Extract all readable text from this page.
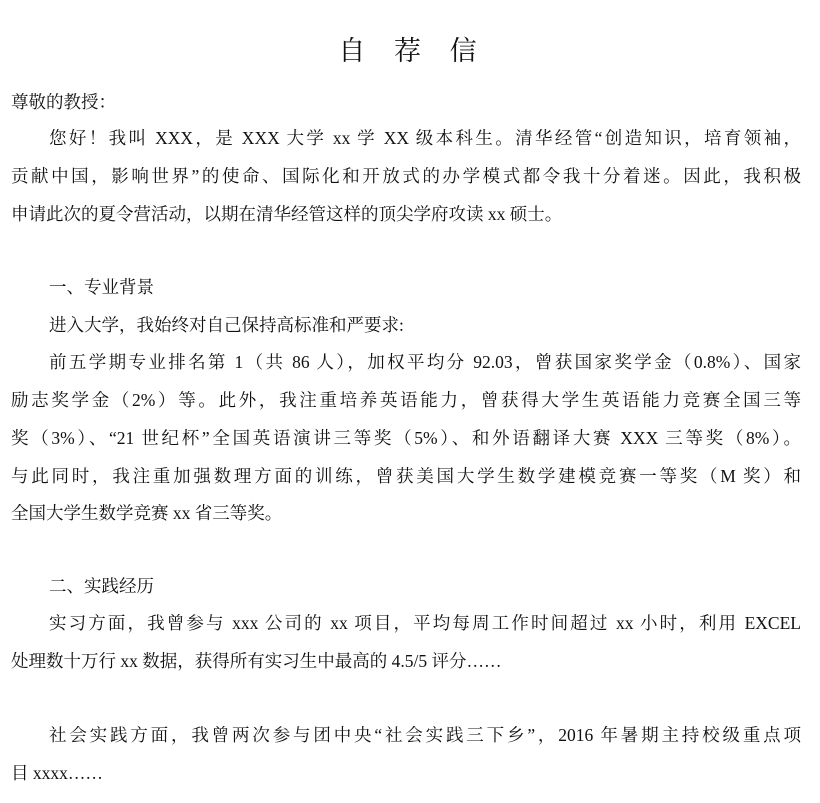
自 荐 信
尊敬的教授：
您好！我叫 XXX，是 XXX 大学 xx 学 XX 级本科生。清华经管“创造知识，培育领袖，
贡献中国，影响世界”的使命、国际化和开放式的办学模式都令我十分着迷。因此，我积极
申请此次的夏令营活动，以期在清华经管这样的顶尖学府攻读 xx 硕士。
一、专业背景
进入大学，我始终对自己保持高标准和严要求:
前五学期专业排名第 1（共 86 人），加权平均分 92.03，曾获国家奖学金（0.8%）、国家
励志奖学金（2%）等。此外，我注重培养英语能力，曾获得大学生英语能力竞赛全国三等
奖（3%）、“21 世纪杯”全国英语演讲三等奖（5%）、和外语翻译大赛 XXX 三等奖（8%）。
与此同时，我注重加强数理方面的训练，曾获美国大学生数学建模竞赛一等奖（M 奖）和
全国大学生数学竞赛 xx 省三等奖。
二、实践经历
实习方面，我曾参与 xxx 公司的 xx 项目，平均每周工作时间超过 xx 小时，利用 EXCEL
处理数十万行 xx 数据，获得所有实习生中最高的 4.5/5 评分……
社会实践方面，我曾两次参与团中央“社会实践三下乡”，2016 年暑期主持校级重点项
目 xxxx……
